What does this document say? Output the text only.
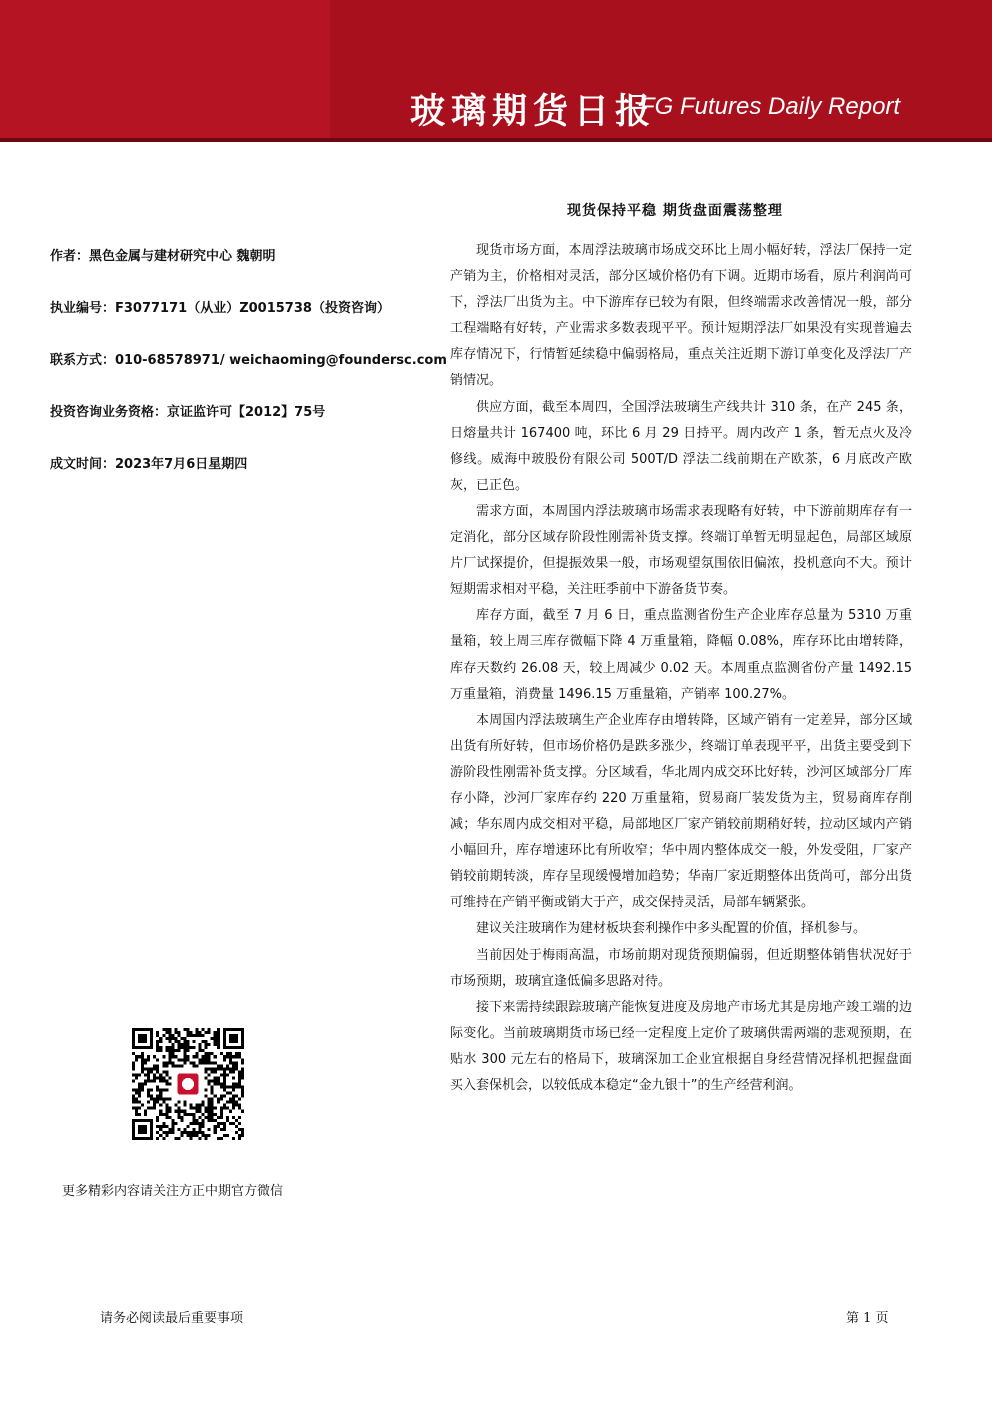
玻璃期货日报
FG Futures Daily Report
现货保持平稳 期货盘面震荡整理
作者：黑色金属与建材研究中心 魏朝明
执业编号：F3077171（从业）Z0015738（投资咨询）
联系方式：010-68578971/ weichaoming@foundersc.com
投资咨询业务资格：京证监许可【2012】75号
成文时间：2023年7月6日星期四

现货市场方面，本周浮法玻璃市场成交环比上周小幅好转，浮法厂保持一定产销为主，价格相对灵活，部分区域价格仍有下调。近期市场看，原片利润尚可下，浮法厂出货为主。中下游库存已较为有限，但终端需求改善情况一般，部分工程端略有好转，产业需求多数表现平平。预计短期浮法厂如果没有实现普遍去库存情况下，行情暂延续稳中偏弱格局，重点关注近期下游订单变化及浮法厂产销情况。

供应方面，截至本周四，全国浮法玻璃生产线共计 310 条，在产 245 条，日熔量共计 167400 吨，环比 6 月 29 日持平。周内改产 1 条，暂无点火及冷修线。威海中玻股份有限公司 500T/D 浮法二线前期在产欧茶，6 月底改产欧灰，已正色。

需求方面，本周国内浮法玻璃市场需求表现略有好转，中下游前期库存有一定消化，部分区域存阶段性刚需补货支撑。终端订单暂无明显起色，局部区域原片厂试探提价，但提振效果一般，市场观望氛围依旧偏浓，投机意向不大。预计短期需求相对平稳，关注旺季前中下游备货节奏。

库存方面，截至 7 月 6 日，重点监测省份生产企业库存总量为 5310 万重量箱，较上周三库存微幅下降 4 万重量箱，降幅 0.08%，库存环比由增转降，库存天数约 26.08 天，较上周减少 0.02 天。本周重点监测省份产量 1492.15 万重量箱，消费量 1496.15 万重量箱，产销率 100.27%。

本周国内浮法玻璃生产企业库存由增转降，区域产销有一定差异，部分区域出货有所好转，但市场价格仍是跌多涨少，终端订单表现平平，出货主要受到下游阶段性刚需补货支撑。分区域看，华北周内成交环比好转，沙河区域部分厂库存小降，沙河厂家库存约 220 万重量箱，贸易商厂装发货为主，贸易商库存削减；华东周内成交相对平稳，局部地区厂家产销较前期稍好转，拉动区域内产销小幅回升，库存增速环比有所收窄；华中周内整体成交一般，外发受阻，厂家产销较前期转淡，库存呈现缓慢增加趋势；华南厂家近期整体出货尚可，部分出货可维持在产销平衡或销大于产，成交保持灵活，局部车辆紧张。

建议关注玻璃作为建材板块套利操作中多头配置的价值，择机参与。

当前因处于梅雨高温，市场前期对现货预期偏弱，但近期整体销售状况好于市场预期，玻璃宜逢低偏多思路对待。

接下来需持续跟踪玻璃产能恢复进度及房地产市场尤其是房地产竣工端的边际变化。当前玻璃期货市场已经一定程度上定价了玻璃供需两端的悲观预期，在贴水 300 元左右的格局下，玻璃深加工企业宜根据自身经营情况择机把握盘面买入套保机会，以较低成本稳定“金九银十”的生产经营利润。

更多精彩内容请关注方正中期官方微信
请务必阅读最后重要事项	第 1 页
